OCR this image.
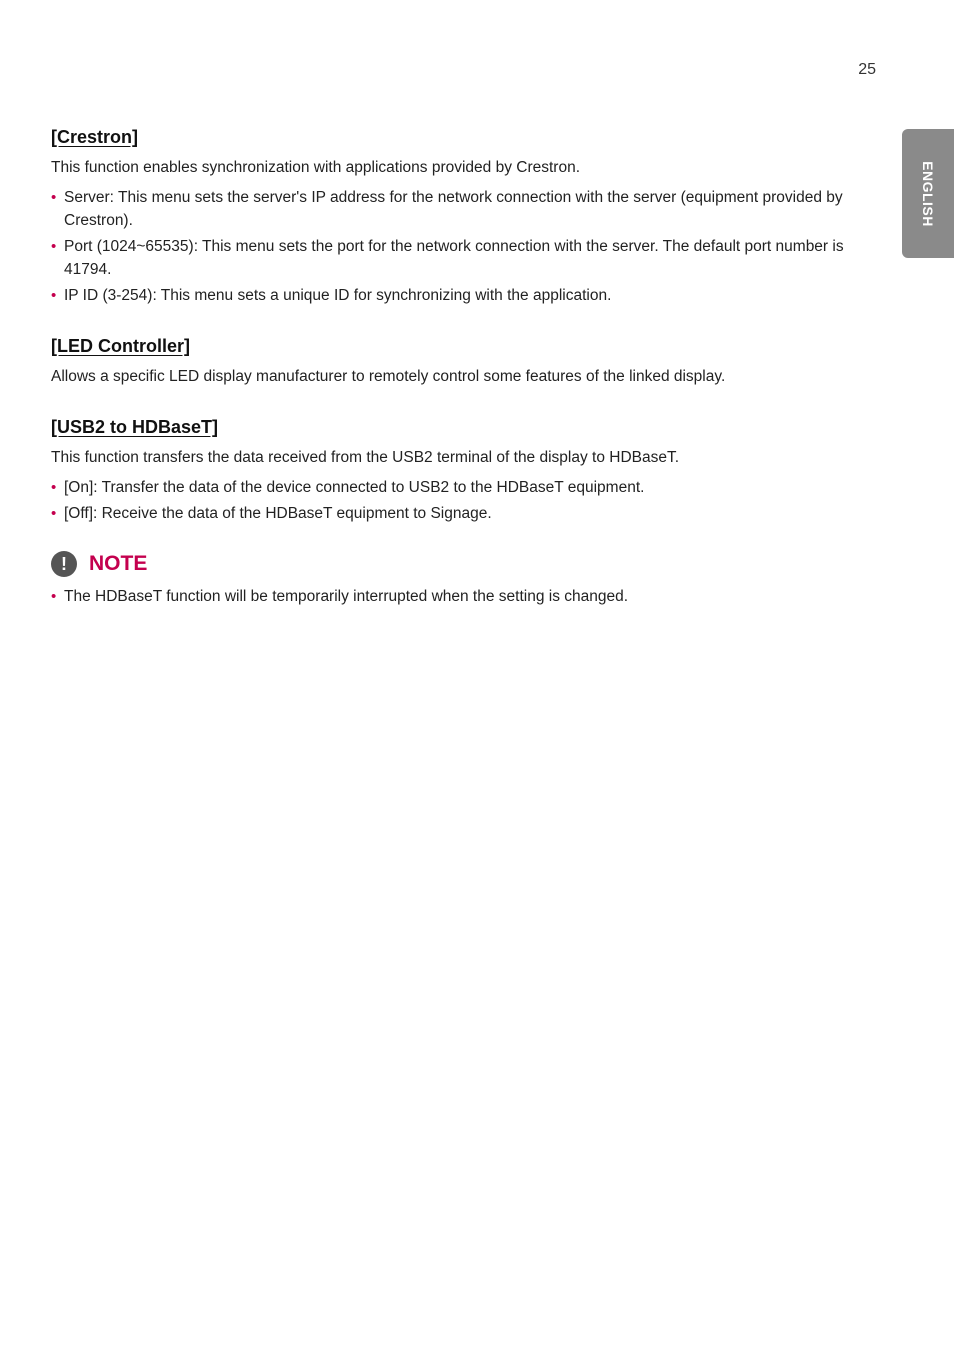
25
ENGLISH
[Crestron]

This function enables synchronization with applications provided by Crestron.

• Server: This menu sets the server's IP address for the network connection with the server (equipment provided by Crestron).
• Port (1024~65535): This menu sets the port for the network connection with the server. The default port number is 41794.
• IP ID (3-254): This menu sets a unique ID for synchronizing with the application.
[LED Controller]

Allows a specific LED display manufacturer to remotely control some features of the linked display.

[USB2 to HDBaseT]

This function transfers the data received from the USB2 terminal of the display to HDBaseT.

• [On]: Transfer the data of the device connected to USB2 to the HDBaseT equipment.
• [Off]: Receive the data of the HDBaseT equipment to Signage.
!	NOTE
• The HDBaseT function will be temporarily interrupted when the setting is changed.
